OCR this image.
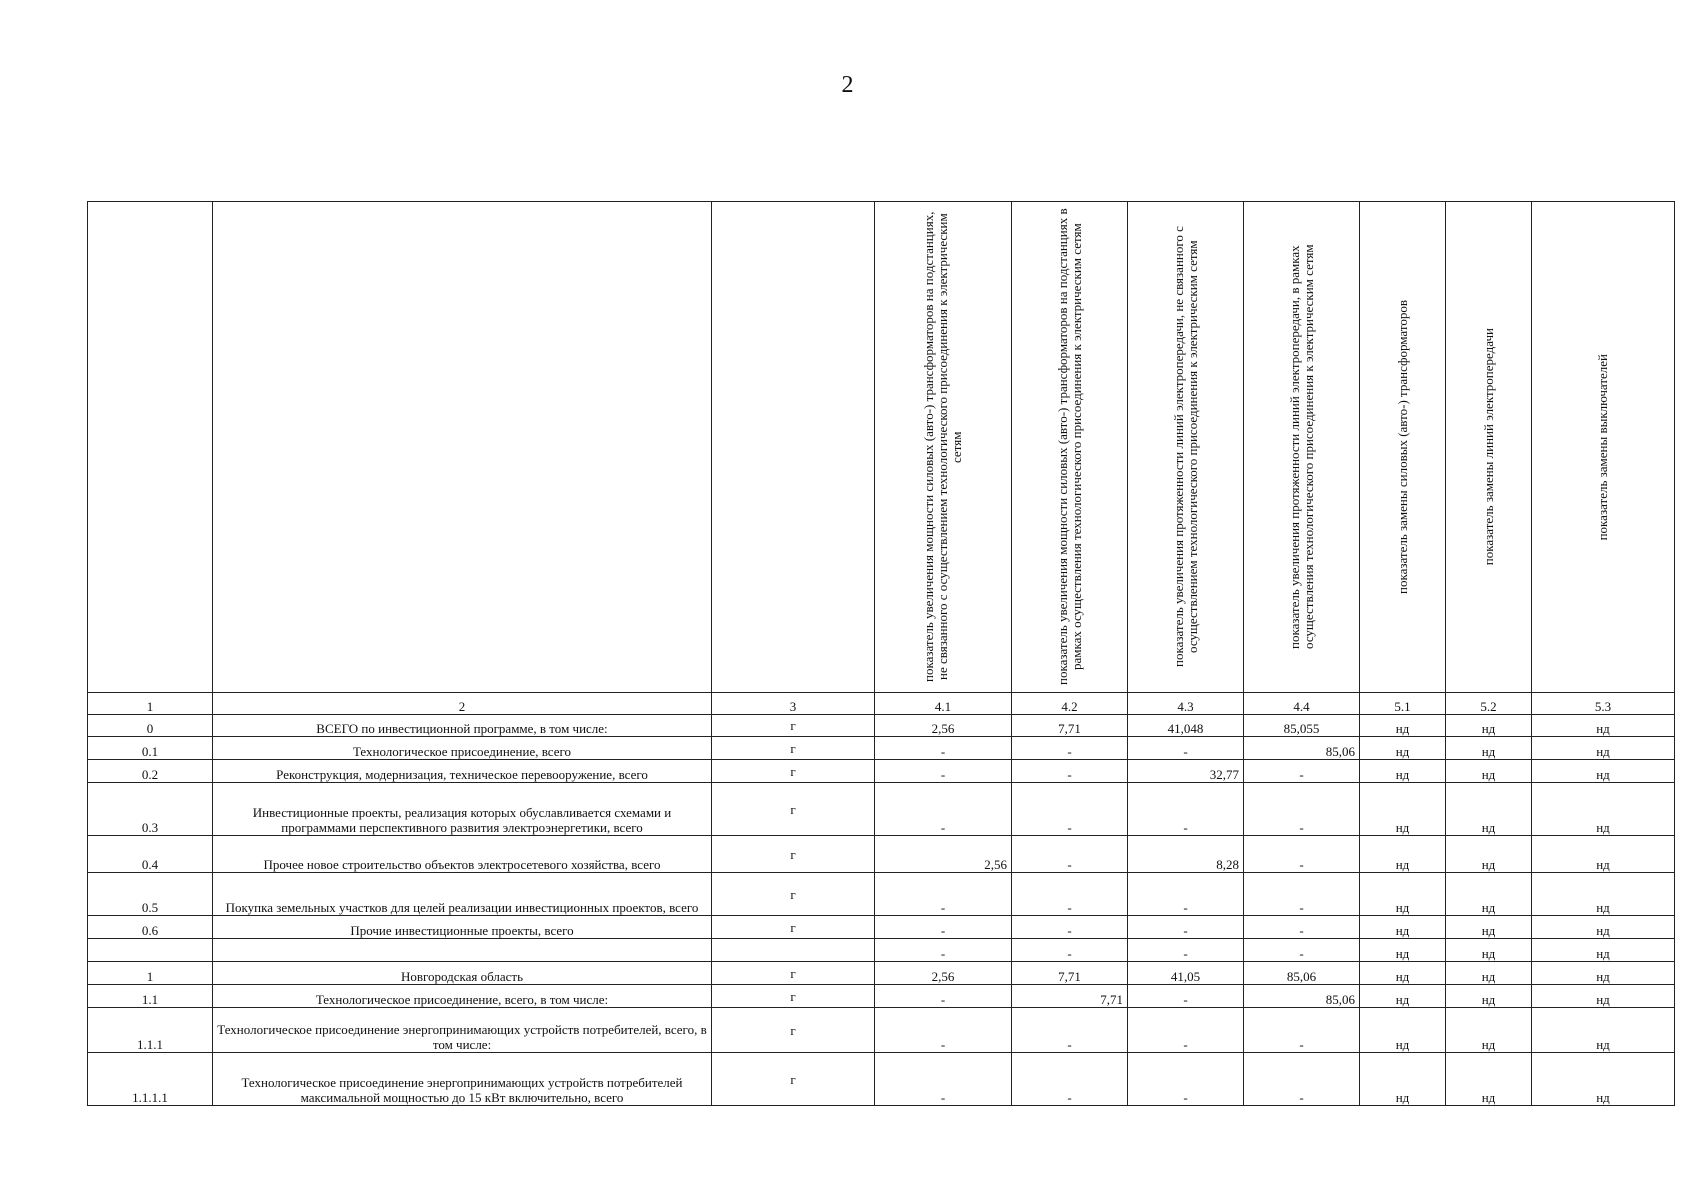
2

			показатель увеличения мощности силовых (авто-) трансформаторов на подстанциях, не связанного с осуществлением технологического присоединения к электрическим сетям	показатель увеличения мощности силовых (авто-) трансформаторов на подстанциях в рамках осуществления технологического присоединения к электрическим сетям	показатель увеличения протяженности линий электропередачи, не связанного с осуществлением технологического присоединения к электрическим сетям	показатель увеличения протяженности линий электропередачи, в рамках осуществления технологического присоединения к электрическим сетям	показатель замены силовых (авто-) трансформаторов	показатель замены линий электропередачи	показатель замены выключателей

1	2	3	4.1	4.2	4.3	4.4	5.1	5.2	5.3
0	ВСЕГО по инвестиционной программе, в том числе:	г	2,56	7,71	41,048	85,055	нд	нд	нд
0.1	Технологическое присоединение, всего	г	-	-	-	85,06	нд	нд	нд
0.2	Реконструкция, модернизация, техническое перевооружение, всего	г	-	-	32,77	-	нд	нд	нд
0.3	Инвестиционные проекты, реализация которых обуславливается схемами и программами перспективного развития электроэнергетики, всего	г	-	-	-	-	нд	нд	нд
0.4	Прочее новое строительство объектов электросетевого хозяйства, всего	г	2,56	-	8,28	-	нд	нд	нд
0.5	Покупка земельных участков для целей реализации инвестиционных проектов, всего	г	-	-	-	-	нд	нд	нд
0.6	Прочие инвестиционные проекты, всего	г	-	-	-	-	нд	нд	нд
			-	-	-	-	нд	нд	нд
1	Новгородская область	г	2,56	7,71	41,05	85,06	нд	нд	нд
1.1	Технологическое присоединение, всего, в том числе:	г	-	7,71	-	85,06	нд	нд	нд
1.1.1	Технологическое присоединение энергопринимающих устройств потребителей, всего, в том числе:	г	-	-	-	-	нд	нд	нд
1.1.1.1	Технологическое присоединение энергопринимающих устройств потребителей максимальной мощностью до 15 кВт включительно, всего	г	-	-	-	-	нд	нд	нд
